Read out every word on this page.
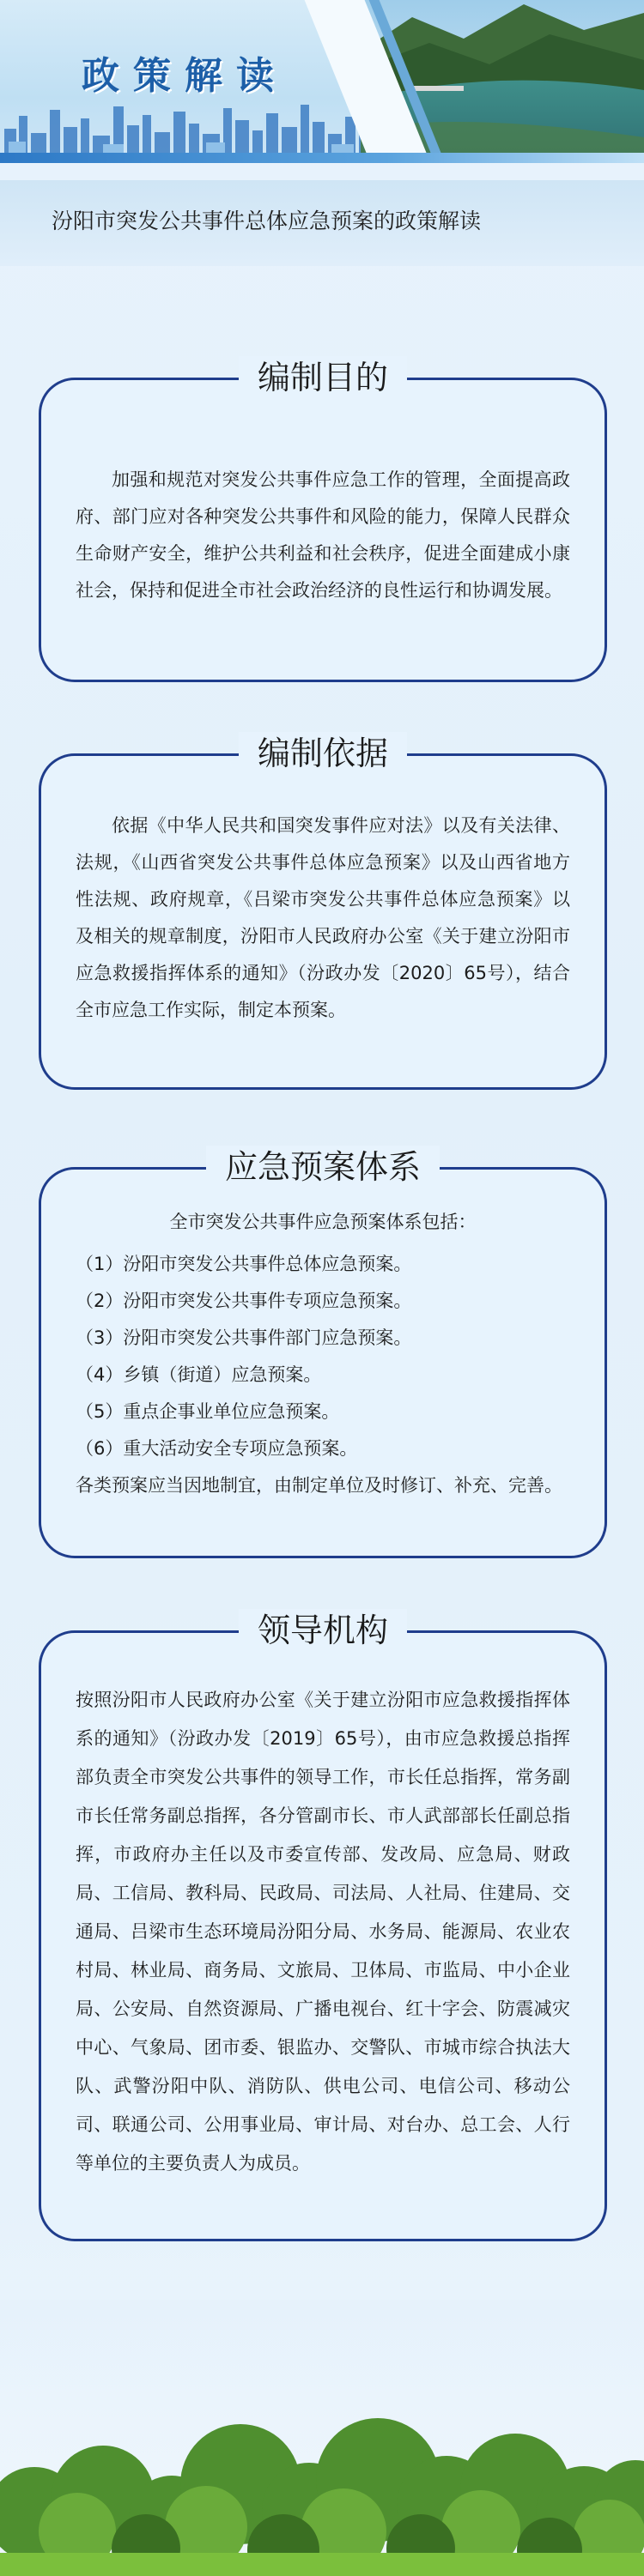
政策解读
汾阳市突发公共事件总体应急预案的政策解读
编制目的

加强和规范对突发公共事件应急工作的管理，全面提高政府、部门应对各种突发公共事件和风险的能力，保障人民群众生命财产安全，维护公共利益和社会秩序，促进全面建成小康社会，保持和促进全市社会政治经济的良性运行和协调发展。

编制依据

依据《中华人民共和国突发事件应对法》以及有关法律、法规，《山西省突发公共事件总体应急预案》以及山西省地方性法规、政府规章，《吕梁市突发公共事件总体应急预案》以及相关的规章制度，汾阳市人民政府办公室《关于建立汾阳市应急救援指挥体系的通知》（汾政办发〔2020〕65号），结合全市应急工作实际，制定本预案。

应急预案体系

全市突发公共事件应急预案体系包括：

（1）汾阳市突发公共事件总体应急预案。

（2）汾阳市突发公共事件专项应急预案。

（3）汾阳市突发公共事件部门应急预案。

（4）乡镇（街道）应急预案。

（5）重点企事业单位应急预案。

（6）重大活动安全专项应急预案。

各类预案应当因地制宜，由制定单位及时修订、补充、完善。

领导机构

按照汾阳市人民政府办公室《关于建立汾阳市应急救援指挥体系的通知》（汾政办发〔2019〕65号），由市应急救援总指挥部负责全市突发公共事件的领导工作，市长任总指挥，常务副市长任常务副总指挥，各分管副市长、市人武部部长任副总指挥，市政府办主任以及市委宣传部、发改局、应急局、财政局、工信局、教科局、民政局、司法局、人社局、住建局、交通局、吕梁市生态环境局汾阳分局、水务局、能源局、农业农村局、林业局、商务局、文旅局、卫体局、市监局、中小企业局、公安局、自然资源局、广播电视台、红十字会、防震减灾中心、气象局、团市委、银监办、交警队、市城市综合执法大队、武警汾阳中队、消防队、供电公司、电信公司、移动公司、联通公司、公用事业局、审计局、对台办、总工会、人行等单位的主要负责人为成员。
